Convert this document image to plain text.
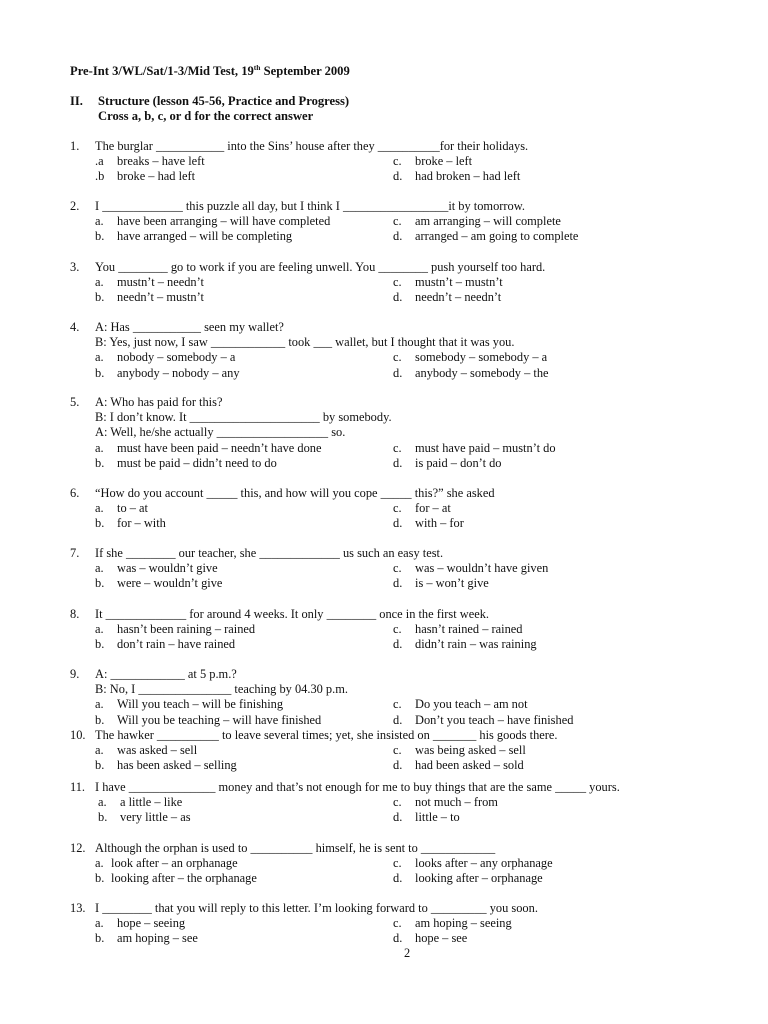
Pre-Int 3/WL/Sat/1-3/Mid Test, 19th September 2009
II. Structure (lesson 45-56, Practice and Progress)
Cross a, b, c, or d for the correct answer
1. The burglar ___________ into the Sins’ house after they __________for their holidays.
.a breaks – have left	c. broke – left
.b broke – had left	d. had broken – had left
2. I _____________ this puzzle all day, but I think I _________________it by tomorrow.
a. have been arranging – will have completed	c. am arranging – will complete
b. have arranged – will be completing	d. arranged – am going to complete
3. You ________ go to work if you are feeling unwell. You ________ push yourself too hard.
a. mustn’t – needn’t	c. mustn’t – mustn’t
b. needn’t – mustn’t	d. needn’t – needn’t
4. A: Has ___________ seen my wallet?
B: Yes, just now, I saw ____________ took ___ wallet, but I thought that it was you.
a. nobody – somebody – a	c. somebody – somebody – a
b. anybody – nobody – any	d. anybody – somebody – the
5. A: Who has paid for this?
B: I don’t know. It _____________________ by somebody.
A: Well, he/she actually __________________ so.
a. must have been paid – needn’t have done	c. must have paid – mustn’t do
b. must be paid – didn’t need to do	d. is paid – don’t do
6. “How do you account _____ this, and how will you cope _____ this?” she asked
a. to – at	c. for – at
b. for – with	d. with – for
7. If she ________ our teacher, she _____________ us such an easy test.
a. was – wouldn’t give	c. was – wouldn’t have given
b. were – wouldn’t give	d. is – won’t give
8. It _____________ for around 4 weeks. It only ________ once in the first week.
a. hasn’t been raining – rained	c. hasn’t rained – rained
b. don’t rain – have rained	d. didn’t rain – was raining
9. A: ____________ at 5 p.m.?
B: No, I _______________ teaching by 04.30 p.m.
a. Will you teach – will be finishing	c. Do you teach – am not
b. Will you be teaching – will have finished	d. Don’t you teach – have finished
10. The hawker __________ to leave several times; yet, she insisted on _______ his goods there.
a. was asked – sell	c. was being asked – sell
b. has been asked – selling	d. had been asked – sold
11. I have ______________ money and that’s not enough for me to buy things that are the same _____ yours.
a. a little – like	c. not much – from
b. very little – as	d. little – to
12. Although the orphan is used to __________ himself, he is sent to ____________
a. look after – an orphanage	c. looks after – any orphanage
b. looking after – the orphanage	d. looking after – orphanage
13. I ________ that you will reply to this letter. I’m looking forward to _________ you soon.
a. hope – seeing	c. am hoping – seeing
b. am hoping – see	d. hope – see
2
